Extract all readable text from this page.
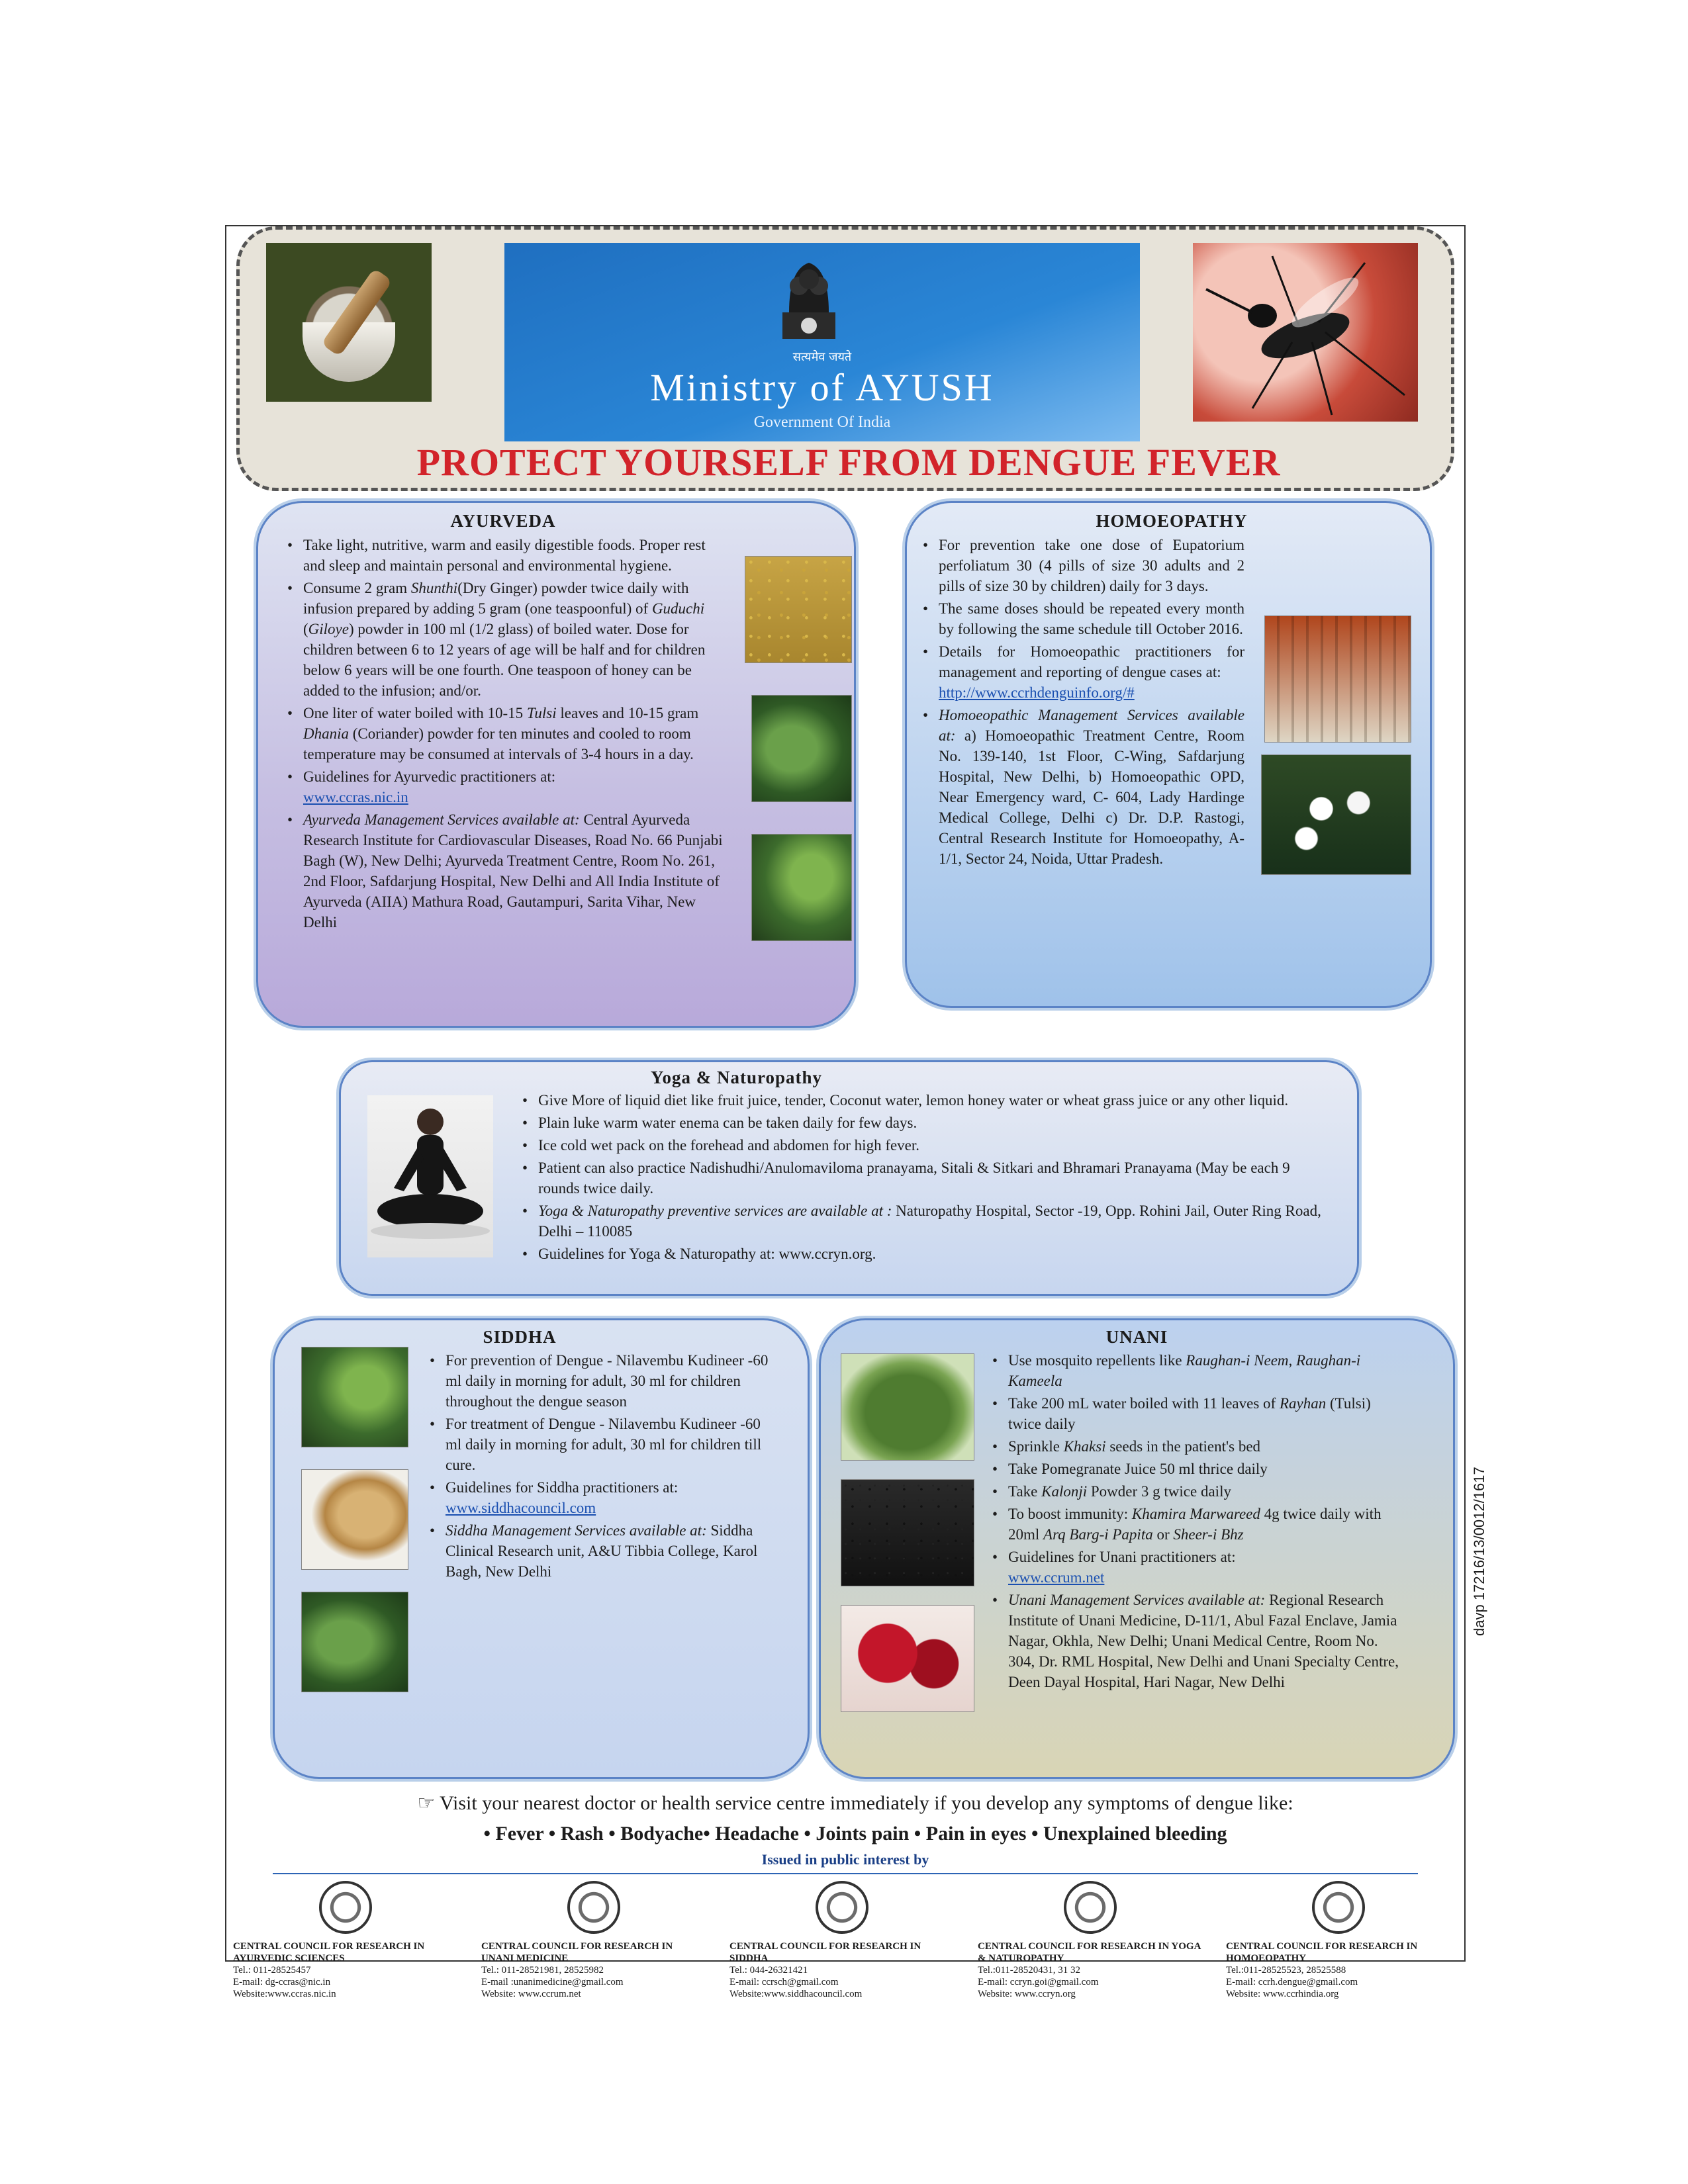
सत्यमेव जयते
Ministry of AYUSH
Government Of India
PROTECT YOURSELF FROM DENGUE FEVER
AYURVEDA
• Take light, nutritive, warm and easily digestible foods. Proper rest and sleep and maintain personal and environmental hygiene.
• Consume 2 gram Shunthi(Dry Ginger) powder twice daily with infusion prepared by adding 5 gram (one teaspoonful) of Guduchi (Giloye) powder in 100 ml (1/2 glass) of boiled water. Dose for children between 6 to 12 years of age will be half and for children below 6 years will be one fourth. One teaspoon of honey can be added to the infusion; and/or.
• One liter of water boiled with 10-15 Tulsi leaves and 10-15 gram Dhania (Coriander) powder for ten minutes and cooled to room temperature may be consumed at intervals of 3-4 hours in a day.
• Guidelines for Ayurvedic practitioners at:
www.ccras.nic.in
• Ayurveda Management Services available at: Central Ayurveda Research Institute for Cardiovascular Diseases, Road No. 66 Punjabi Bagh (W), New Delhi; Ayurveda Treatment Centre, Room No. 261, 2nd Floor, Safdarjung Hospital, New Delhi and All India Institute of Ayurveda (AIIA) Mathura Road, Gautampuri, Sarita Vihar, New Delhi
HOMOEOPATHY
• For prevention take one dose of Eupatorium perfoliatum 30 (4 pills of size 30 adults and 2 pills of size 30 by children) daily for 3 days.
• The same doses should be repeated every month by following the same schedule till October 2016.
• Details for Homoeopathic practitioners for management and reporting of dengue cases at:
http://www.ccrhdenguinfo.org/#
• Homoeopathic Management Services available at: a) Homoeopathic Treatment Centre, Room No. 139-140, 1st Floor, C-Wing, Safdarjung Hospital, New Delhi, b) Homoeopathic OPD, Near Emergency ward, C- 604, Lady Hardinge Medical College, Delhi c) Dr. D.P. Rastogi, Central Research Institute for Homoeopathy, A-1/1, Sector 24, Noida, Uttar Pradesh.
Yoga & Naturopathy
• Give More of liquid diet like fruit juice, tender, Coconut water, lemon honey water or wheat grass juice or any other liquid.
• Plain luke warm water enema can be taken daily for few days.
• Ice cold wet pack on the forehead and abdomen for high fever.
• Patient can also practice Nadishudhi/Anulomaviloma pranayama, Sitali & Sitkari and Bhramari Pranayama (May be each 9 rounds twice daily.
• Yoga & Naturopathy preventive services are available at : Naturopathy Hospital, Sector -19, Opp. Rohini Jail, Outer Ring Road, Delhi – 110085
• Guidelines for Yoga & Naturopathy at: www.ccryn.org.
SIDDHA
• For prevention of Dengue - Nilavembu Kudineer -60 ml daily in morning for adult, 30 ml for children throughout the dengue season
• For treatment of Dengue - Nilavembu Kudineer -60 ml daily in morning for adult, 30 ml for children till cure.
• Guidelines for Siddha practitioners at:
www.siddhacouncil.com
• Siddha Management Services available at: Siddha Clinical Research unit, A&U Tibbia College, Karol Bagh, New Delhi
UNANI
• Use mosquito repellents like Raughan-i Neem, Raughan-i Kameela
• Take 200 mL water boiled with 11 leaves of Rayhan (Tulsi) twice daily
• Sprinkle Khaksi seeds in the patient's bed
• Take Pomegranate Juice 50 ml thrice daily
• Take Kalonji Powder 3 g twice daily
• To boost immunity: Khamira Marwareed 4g twice daily with 20ml Arq Barg-i Papita or Sheer-i Bhz
• Guidelines for Unani practitioners at:
www.ccrum.net
• Unani Management Services available at: Regional Research Institute of Unani Medicine, D-11/1, Abul Fazal Enclave, Jamia Nagar, Okhla, New Delhi; Unani Medical Centre, Room No. 304, Dr. RML Hospital, New Delhi and Unani Specialty Centre, Deen Dayal Hospital, Hari Nagar, New Delhi
☞ Visit your nearest doctor or health service centre immediately if you develop any symptoms of dengue like:
• Fever • Rash • Bodyache• Headache • Joints pain • Pain in eyes • Unexplained bleeding
Issued in public interest by
CENTRAL COUNCIL FOR RESEARCH IN AYURVEDIC SCIENCES
Tel.: 011-28525457
E-mail: dg-ccras@nic.in
Website:www.ccras.nic.in
CENTRAL COUNCIL FOR RESEARCH IN UNANI MEDICINE
Tel.: 011-28521981, 28525982
E-mail :unanimedicine@gmail.com
Website: www.ccrum.net
CENTRAL COUNCIL FOR RESEARCH IN SIDDHA
Tel.: 044-26321421
E-mail: ccrsch@gmail.com
Website:www.siddhacouncil.com
CENTRAL COUNCIL FOR RESEARCH IN YOGA & NATUROPATHY
Tel.:011-28520431, 31 32
E-mail: ccryn.goi@gmail.com
Website: www.ccryn.org
CENTRAL COUNCIL FOR RESEARCH IN HOMOEOPATHY
Tel.:011-28525523, 28525588
E-mail: ccrh.dengue@gmail.com
Website: www.ccrhindia.org
davp 17216/13/0012/1617
